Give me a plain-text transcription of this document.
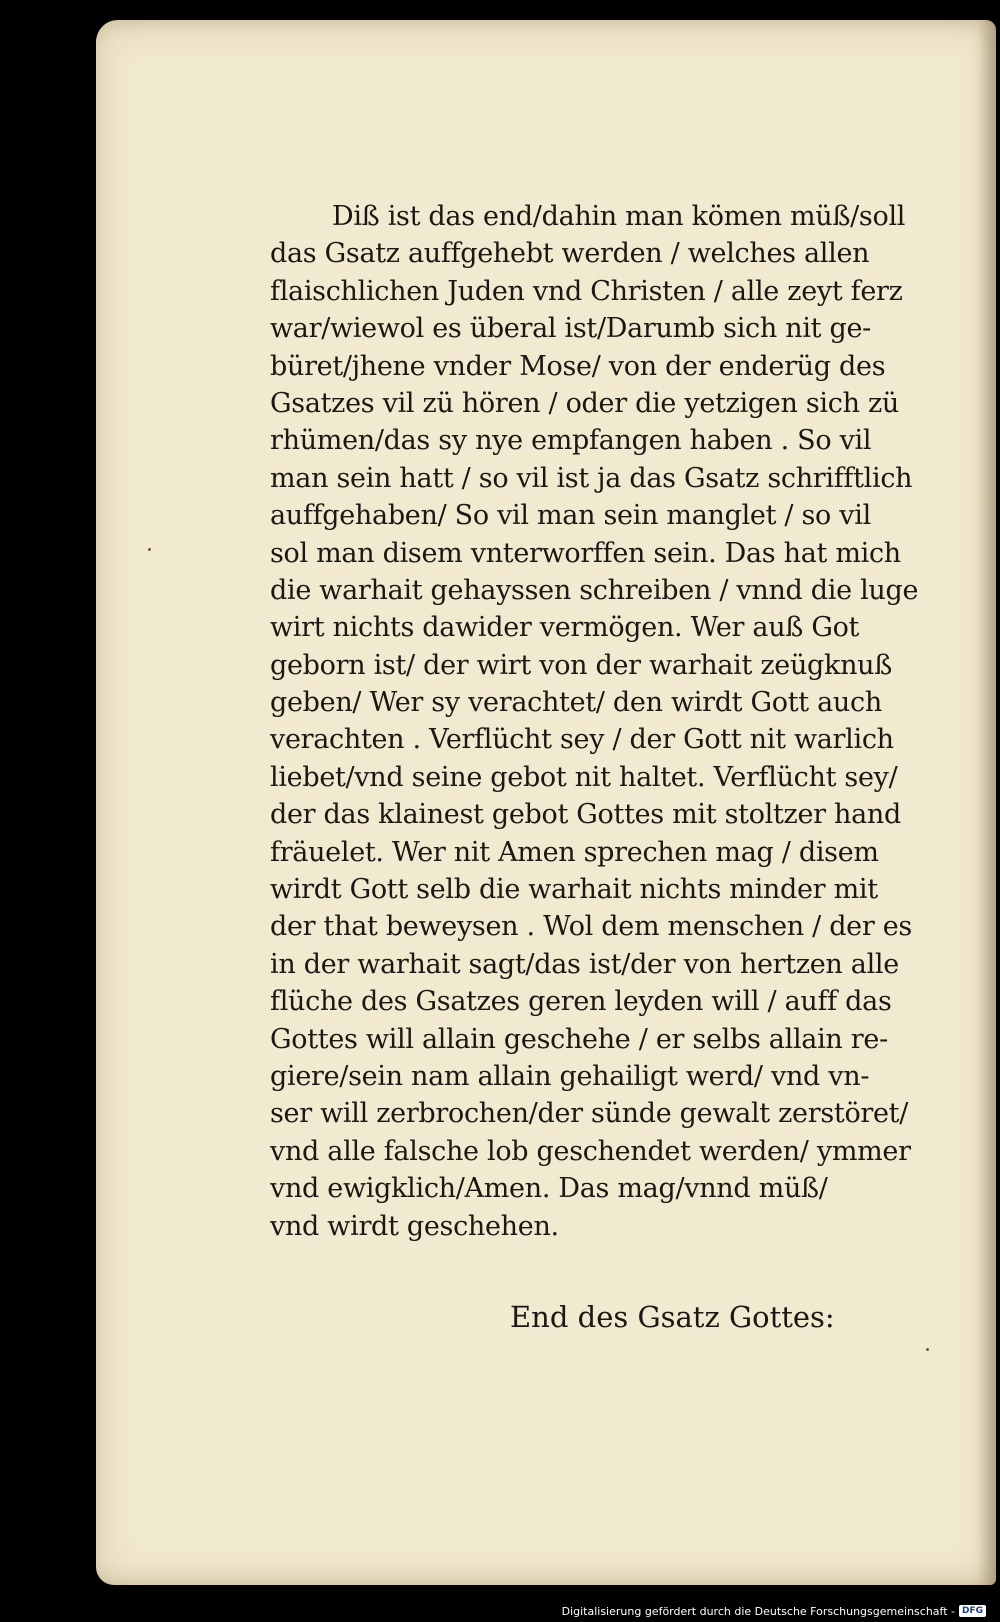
End des Gsatz Gottes:
Diß ist das end/dahin man kömen müß/soll
das Gsatz auffgehebt werden / welches allen
flaischlichen Juden vnd Christen / alle zeyt ferz
war/wiewol es überal ist/Darumb sich nit ge-
büret/jhene vnder Mose/ von der enderüg des
Gsatzes vil zü hören / oder die yetzigen sich zü
rhümen/das sy nye empfangen haben . So vil
man sein hatt / so vil ist ja das Gsatz schrifftlich
auffgehaben/ So vil man sein manglet / so vil
sol man disem vnterworffen sein. Das hat mich
die warhait gehayssen schreiben / vnnd die luge
wirt nichts dawider vermögen. Wer auß Got
geborn ist/ der wirt von der warhait zeügknuß
geben/ Wer sy verachtet/ den wirdt Gott auch
verachten . Verflücht sey / der Gott nit warlich
liebet/vnd seine gebot nit haltet. Verflücht sey/
der das klainest gebot Gottes mit stoltzer hand
fräuelet. Wer nit Amen sprechen mag / disem
wirdt Gott selb die warhait nichts minder mit
der that beweysen . Wol dem menschen / der es
in der warhait sagt/das ist/der von hertzen alle
flüche des Gsatzes geren leyden will / auff das
Gottes will allain geschehe / er selbs allain re-
giere/sein nam allain gehailigt werd/ vnd vn-
ser will zerbrochen/der sünde gewalt zerstöret/
vnd alle falsche lob geschendet werden/ ymmer
vnd ewigklich/Amen. Das mag/vnnd müß/
vnd wirdt geschehen.
Digitalisierung gefördert durch die Deutsche Forschungsgemeinschaft - DFG
